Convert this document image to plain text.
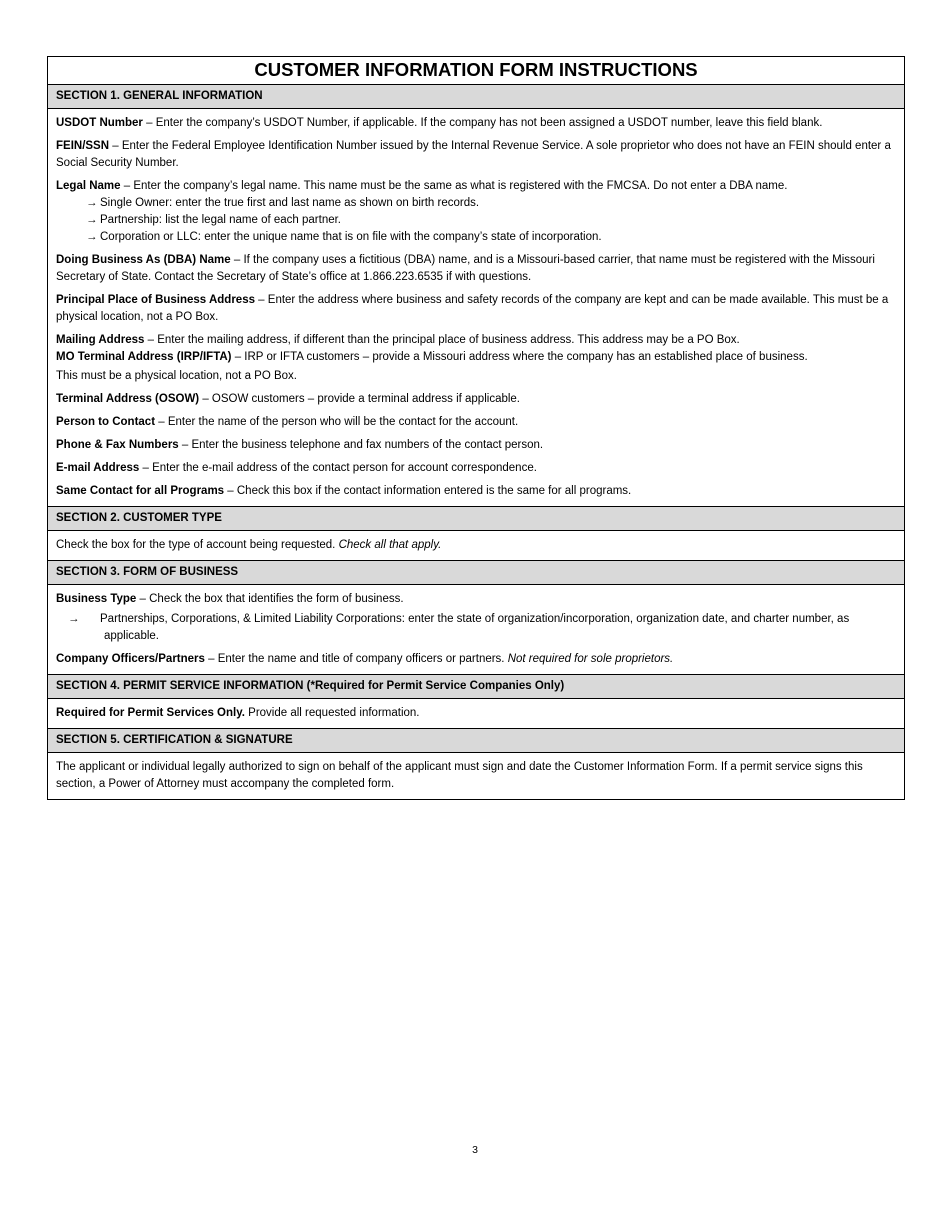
CUSTOMER INFORMATION FORM INSTRUCTIONS
SECTION 1. GENERAL INFORMATION

USDOT Number – Enter the company’s USDOT Number, if applicable. If the company has not been assigned a USDOT number, leave this field blank.

FEIN/SSN – Enter the Federal Employee Identification Number issued by the Internal Revenue Service. A sole proprietor who does not have an FEIN should enter a Social Security Number.

Legal Name – Enter the company’s legal name. This name must be the same as what is registered with the FMCSA. Do not enter a DBA name.

→ Single Owner: enter the true first and last name as shown on birth records.
→ Partnership: list the legal name of each partner.
→ Corporation or LLC: enter the unique name that is on file with the company’s state of incorporation.

Doing Business As (DBA) Name – If the company uses a fictitious (DBA) name, and is a Missouri-based carrier, that name must be registered with the Missouri Secretary of State. Contact the Secretary of State’s office at 1.866.223.6535 if with questions.

Principal Place of Business Address – Enter the address where business and safety records of the company are kept and can be made available. This must be a physical location, not a PO Box.

Mailing Address – Enter the mailing address, if different than the principal place of business address. This address may be a PO Box.

MO Terminal Address (IRP/IFTA) – IRP or IFTA customers – provide a Missouri address where the company has an established place of business.

This must be a physical location, not a PO Box.

Terminal Address (OSOW) – OSOW customers – provide a terminal address if applicable.

Person to Contact – Enter the name of the person who will be the contact for the account.

Phone & Fax Numbers – Enter the business telephone and fax numbers of the contact person.

E-mail Address – Enter the e-mail address of the contact person for account correspondence.

Same Contact for all Programs – Check this box if the contact information entered is the same for all programs.

SECTION 2. CUSTOMER TYPE

Check the box for the type of account being requested. Check all that apply.

SECTION 3. FORM OF BUSINESS

Business Type – Check the box that identifies the form of business.

→ Partnerships, Corporations, & Limited Liability Corporations: enter the state of organization/incorporation, organization date, and charter number, as applicable.

Company Officers/Partners – Enter the name and title of company officers or partners. Not required for sole proprietors.

SECTION 4. PERMIT SERVICE INFORMATION (*Required for Permit Service Companies Only)

Required for Permit Services Only. Provide all requested information.

SECTION 5. CERTIFICATION & SIGNATURE

The applicant or individual legally authorized to sign on behalf of the applicant must sign and date the Customer Information Form. If a permit service signs this section, a Power of Attorney must accompany the completed form.

3
